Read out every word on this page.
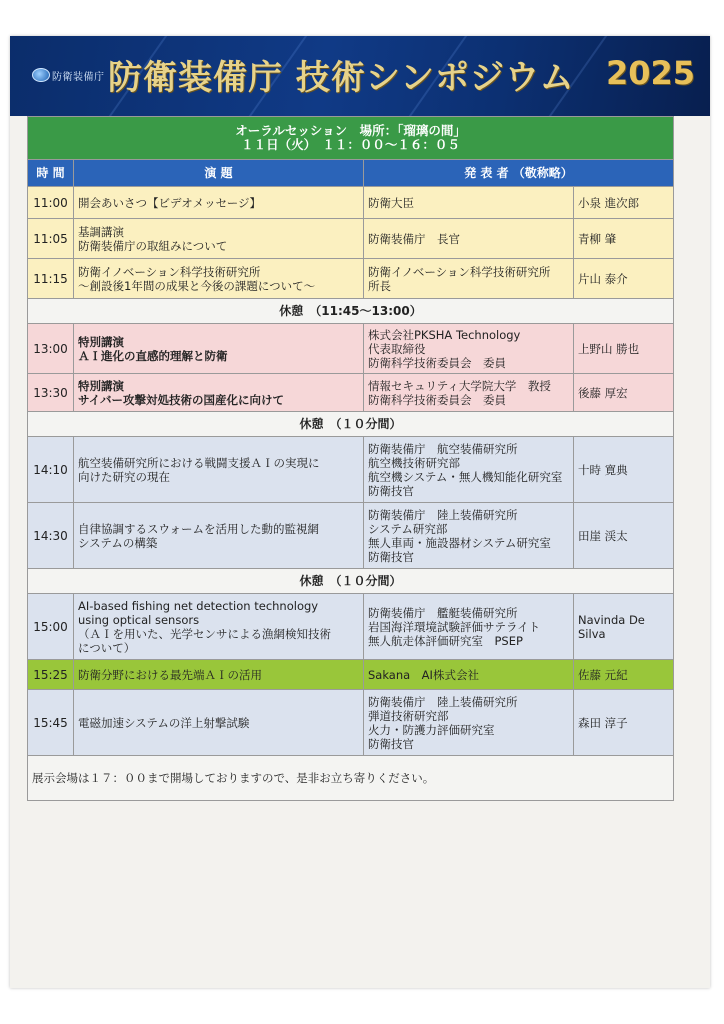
防衛装備庁 防衛装備庁 技術シンポジウム 2025
オーラルセッション　場所：「瑠璃の間」
１１日（火）　１１：００～１６：０５			

時 間	演 題	発 表 者 （敬称略）	
11:00	開会あいさつ【ビデオメッセージ】	防衛大臣	小泉 進次郎
11:05	基調講演
防衛装備庁の取組みについて	防衛装備庁　長官	青柳 肇
11:15	防衛イノベーション科学技術研究所
～創設後1年間の成果と今後の課題について～	防衛イノベーション科学技術研究所
所長	片山 泰介
休憩　（11:45～13:00）			
13:00	特別講演
ＡＩ進化の直感的理解と防衛	株式会社PKSHA Technology
代表取締役
防衛科学技術委員会　委員	上野山 勝也
13:30	特別講演
サイバー攻撃対処技術の国産化に向けて	情報セキュリティ大学院大学　教授
防衛科学技術委員会　委員	後藤 厚宏
休憩　（１０分間）			
14:10	航空装備研究所における戦闘支援ＡＩの実現に
向けた研究の現在	防衛装備庁　航空装備研究所
航空機技術研究部
航空機システム・無人機知能化研究室
防衛技官	十時 寛典
14:30	自律協調するスウォームを活用した動的監視網
システムの構築	防衛装備庁　陸上装備研究所
システム研究部
無人車両・施設器材システム研究室
防衛技官	田崖 渓太
休憩　（１０分間）			
15:00	AI-based fishing net detection technology
using optical sensors
（ＡＩを用いた、光学センサによる漁網検知技術
について）	防衛装備庁　艦艇装備研究所
岩国海洋環境試験評価サテライト
無人航走体評価研究室　PSEP	Navinda De
Silva
15:25	防衛分野における最先端ＡＩの活用	Sakana　AI株式会社	佐藤 元紀
15:45	電磁加速システムの洋上射撃試験	防衛装備庁　陸上装備研究所
弾道技術研究部
火力・防護力評価研究室
防衛技官	森田 淳子
展示会場は１７：００まで開場しておりますので、是非お立ち寄りください。			
